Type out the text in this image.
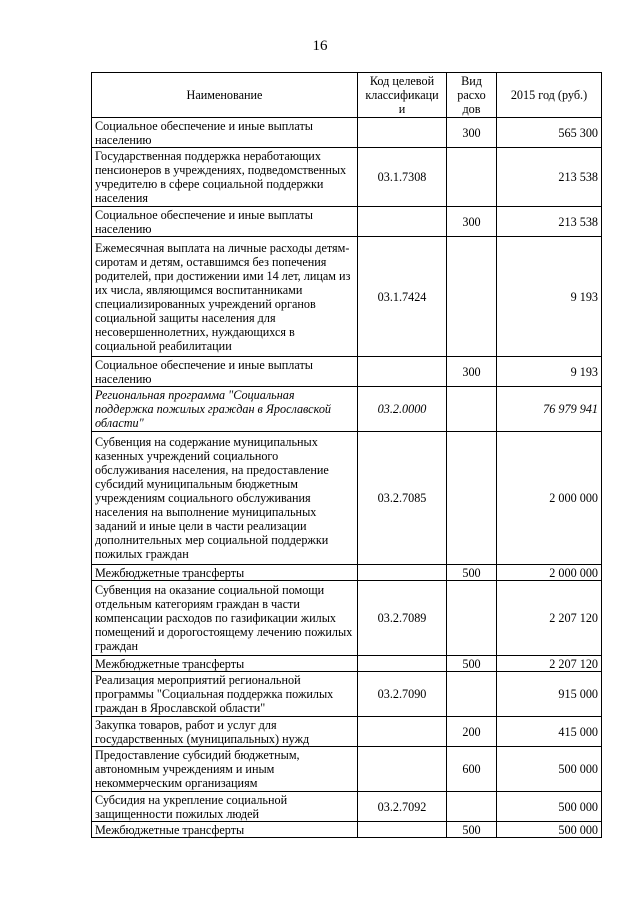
16
Наименование	Код целевой классификаци и	Вид расхо дов	2015 год (руб.)
Социальное обеспечение и иные выплаты населению		300	565 300
Государственная поддержка неработающих пенсионеров в учреждениях, подведомственных учредителю в сфере социальной поддержки населения	03.1.7308		213 538
Социальное обеспечение и иные выплаты населению		300	213 538
Ежемесячная выплата на личные расходы детям-сиротам и детям, оставшимся без попечения родителей, при достижении ими 14 лет, лицам из их числа, являющимся воспитанниками специализированных учреждений органов социальной защиты населения для несовершеннолетних, нуждающихся в социальной реабилитации	03.1.7424		9 193
Социальное обеспечение и иные выплаты населению		300	9 193
Региональная программа "Социальная поддержка пожилых граждан в Ярославской области"	03.2.0000		76 979 941
Субвенция на содержание муниципальных казенных учреждений социального обслуживания населения, на предоставление субсидий муниципальным бюджетным учреждениям социального обслуживания населения на выполнение муниципальных заданий и иные цели в части реализации дополнительных мер социальной поддержки пожилых граждан	03.2.7085		2 000 000
Межбюджетные трансферты		500	2 000 000
Субвенция на оказание социальной помощи отдельным категориям граждан в части компенсации расходов по газификации жилых помещений и дорогостоящему лечению пожилых граждан	03.2.7089		2 207 120
Межбюджетные трансферты		500	2 207 120
Реализация мероприятий региональной программы "Социальная поддержка пожилых граждан в Ярославской области"	03.2.7090		915 000
Закупка товаров, работ и услуг для государственных (муниципальных) нужд		200	415 000
Предоставление субсидий бюджетным, автономным учреждениям и иным некоммерческим организациям		600	500 000
Субсидия на укрепление социальной защищенности пожилых людей	03.2.7092		500 000
Межбюджетные трансферты		500	500 000
